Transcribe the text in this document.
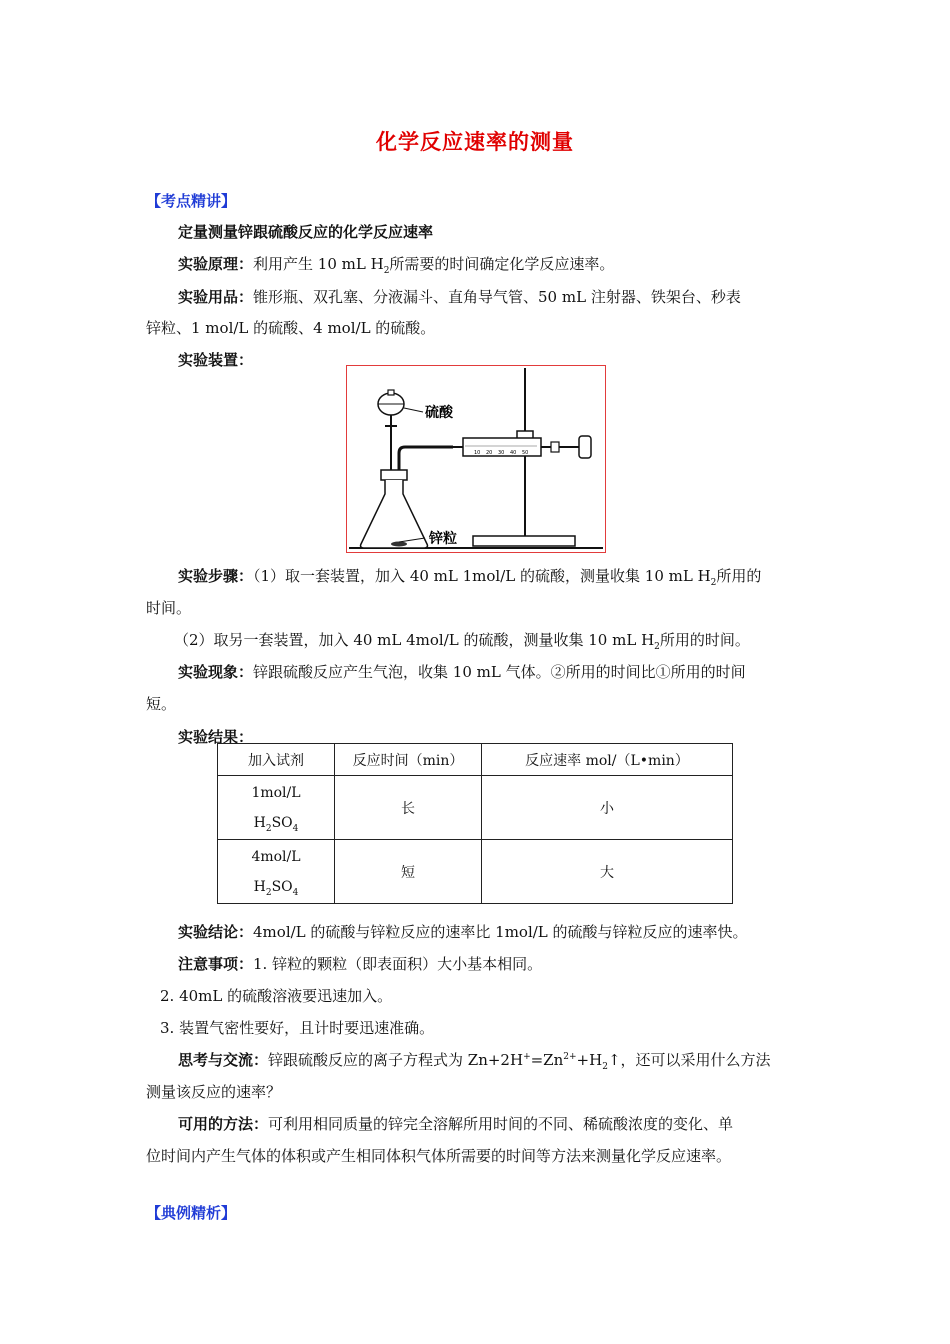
化学反应速率的测量
【考点精讲】
定量测量锌跟硫酸反应的化学反应速率
实验原理：利用产生 10 mL $H_2$所需要的时间确定化学反应速率。
实验用品：锥形瓶、双孔塞、分液漏斗、直角导气管、50 mL 注射器、铁架台、秒表
锌粒、1 mol/L 的硫酸、4 mol/L 的硫酸。
实验装置：
10 20 30 40 50
硫酸
锌粒
实验步骤：（1）取一套装置，加入 40 mL 1mol/L 的硫酸，测量收集 10 mL $H_2$所用的
时间。
（2）取另一套装置，加入 40 mL 4mol/L 的硫酸，测量收集 10 mL $H_2$所用的时间。
实验现象：锌跟硫酸反应产生气泡，收集 10 mL 气体。②所用的时间比①所用的时间
短。
实验结果：
加入试剂	反应时间（min）	反应速率 mol/（L•min）

1mol/L
$H_2SO_4$	长	小

4mol/L
$H_2SO_4$	短	大
实验结论：4mol/L 的硫酸与锌粒反应的速率比 1mol/L 的硫酸与锌粒反应的速率快。
注意事项：1. 锌粒的颗粒（即表面积）大小基本相同。
2. 40mL 的硫酸溶液要迅速加入。
3. 装置气密性要好，且计时要迅速准确。
思考与交流：锌跟硫酸反应的离子方程式为 $Zn+2H^+=Zn^{2+}+H_2↑$，还可以采用什么方法
测量该反应的速率？
可用的方法：可利用相同质量的锌完全溶解所用时间的不同、稀硫酸浓度的变化、单
位时间内产生气体的体积或产生相同体积气体所需要的时间等方法来测量化学反应速率。
【典例精析】
